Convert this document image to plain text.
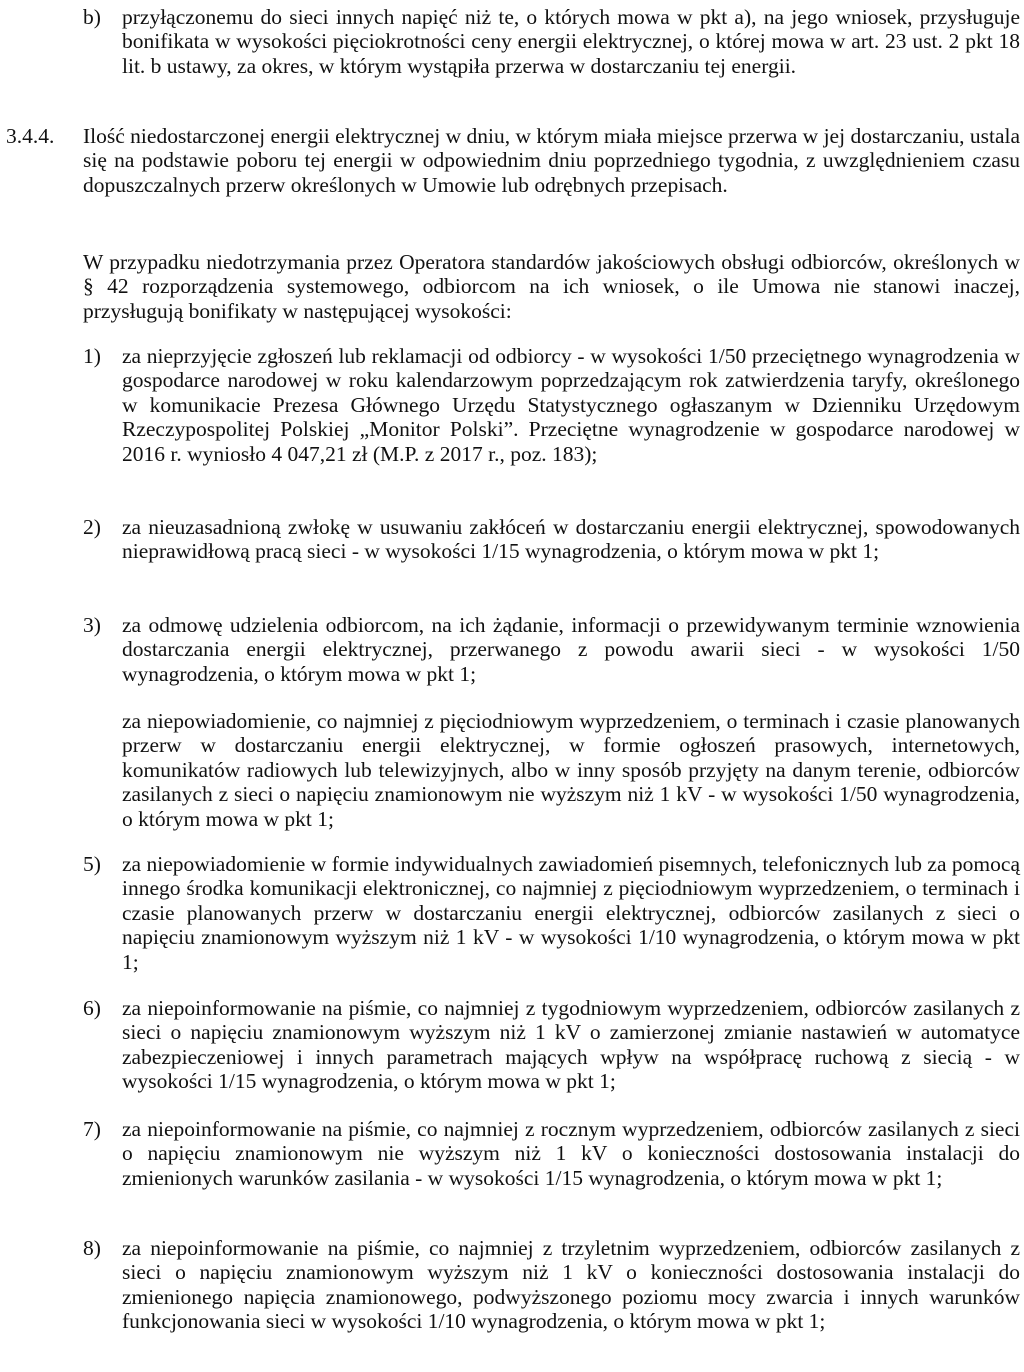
b) przyłączonemu do sieci innych napięć niż te, o których mowa w pkt a), na jego wniosek, przysługuje bonifikata w wysokości pięciokrotności ceny energii elektrycznej, o której mowa w art. 23 ust. 2 pkt 18 lit. b ustawy, za okres, w którym wystąpiła przerwa w dostarczaniu tej energii.

3.4.4. Ilość niedostarczonej energii elektrycznej w dniu, w którym miała miejsce przerwa w jej dostarczaniu, ustala się na podstawie poboru tej energii w odpowiednim dniu poprzedniego tygodnia, z uwzględnieniem czasu dopuszczalnych przerw określonych w Umowie lub odrębnych przepisach.

W przypadku niedotrzymania przez Operatora standardów jakościowych obsługi odbiorców, określonych w § 42 rozporządzenia systemowego, odbiorcom na ich wniosek, o ile Umowa nie stanowi inaczej, przysługują bonifikaty w następującej wysokości:

1) za nieprzyjęcie zgłoszeń lub reklamacji od odbiorcy - w wysokości 1/50 przeciętnego wynagrodzenia w gospodarce narodowej w roku kalendarzowym poprzedzającym rok zatwierdzenia taryfy, określonego w komunikacie Prezesa Głównego Urzędu Statystycznego ogłaszanym w Dzienniku Urzędowym Rzeczypospolitej Polskiej „Monitor Polski”. Przeciętne wynagrodzenie w gospodarce narodowej w 2016 r. wyniosło 4 047,21 zł (M.P. z 2017 r., poz. 183);

2) za nieuzasadnioną zwłokę w usuwaniu zakłóceń w dostarczaniu energii elektrycznej, spowodowanych nieprawidłową pracą sieci - w wysokości 1/15 wynagrodzenia, o którym mowa w pkt 1;

3) za odmowę udzielenia odbiorcom, na ich żądanie, informacji o przewidywanym terminie wznowienia dostarczania energii elektrycznej, przerwanego z powodu awarii sieci - w wysokości 1/50 wynagrodzenia, o którym mowa w pkt 1;

za niepowiadomienie, co najmniej z pięciodniowym wyprzedzeniem, o terminach i czasie planowanych przerw w dostarczaniu energii elektrycznej, w formie ogłoszeń prasowych, internetowych, komunikatów radiowych lub telewizyjnych, albo w inny sposób przyjęty na danym terenie, odbiorców zasilanych z sieci o napięciu znamionowym nie wyższym niż 1 kV - w wysokości 1/50 wynagrodzenia, o którym mowa w pkt 1;

5) za niepowiadomienie w formie indywidualnych zawiadomień pisemnych, telefonicznych lub za pomocą innego środka komunikacji elektronicznej, co najmniej z pięciodniowym wyprzedzeniem, o terminach i czasie planowanych przerw w dostarczaniu energii elektrycznej, odbiorców zasilanych z sieci o napięciu znamionowym wyższym niż 1 kV - w wysokości 1/10 wynagrodzenia, o którym mowa w pkt 1;

6) za niepoinformowanie na piśmie, co najmniej z tygodniowym wyprzedzeniem, odbiorców zasilanych z sieci o napięciu znamionowym wyższym niż 1 kV o zamierzonej zmianie nastawień w automatyce zabezpieczeniowej i innych parametrach mających wpływ na współpracę ruchową z siecią - w wysokości 1/15 wynagrodzenia, o którym mowa w pkt 1;

7) za niepoinformowanie na piśmie, co najmniej z rocznym wyprzedzeniem, odbiorców zasilanych z sieci o napięciu znamionowym nie wyższym niż 1 kV o konieczności dostosowania instalacji do zmienionych warunków zasilania - w wysokości 1/15 wynagrodzenia, o którym mowa w pkt 1;

8) za niepoinformowanie na piśmie, co najmniej z trzyletnim wyprzedzeniem, odbiorców zasilanych z sieci o napięciu znamionowym wyższym niż 1 kV o konieczności dostosowania instalacji do zmienionego napięcia znamionowego, podwyższonego poziomu mocy zwarcia i innych warunków funkcjonowania sieci w wysokości 1/10 wynagrodzenia, o którym mowa w pkt 1;
